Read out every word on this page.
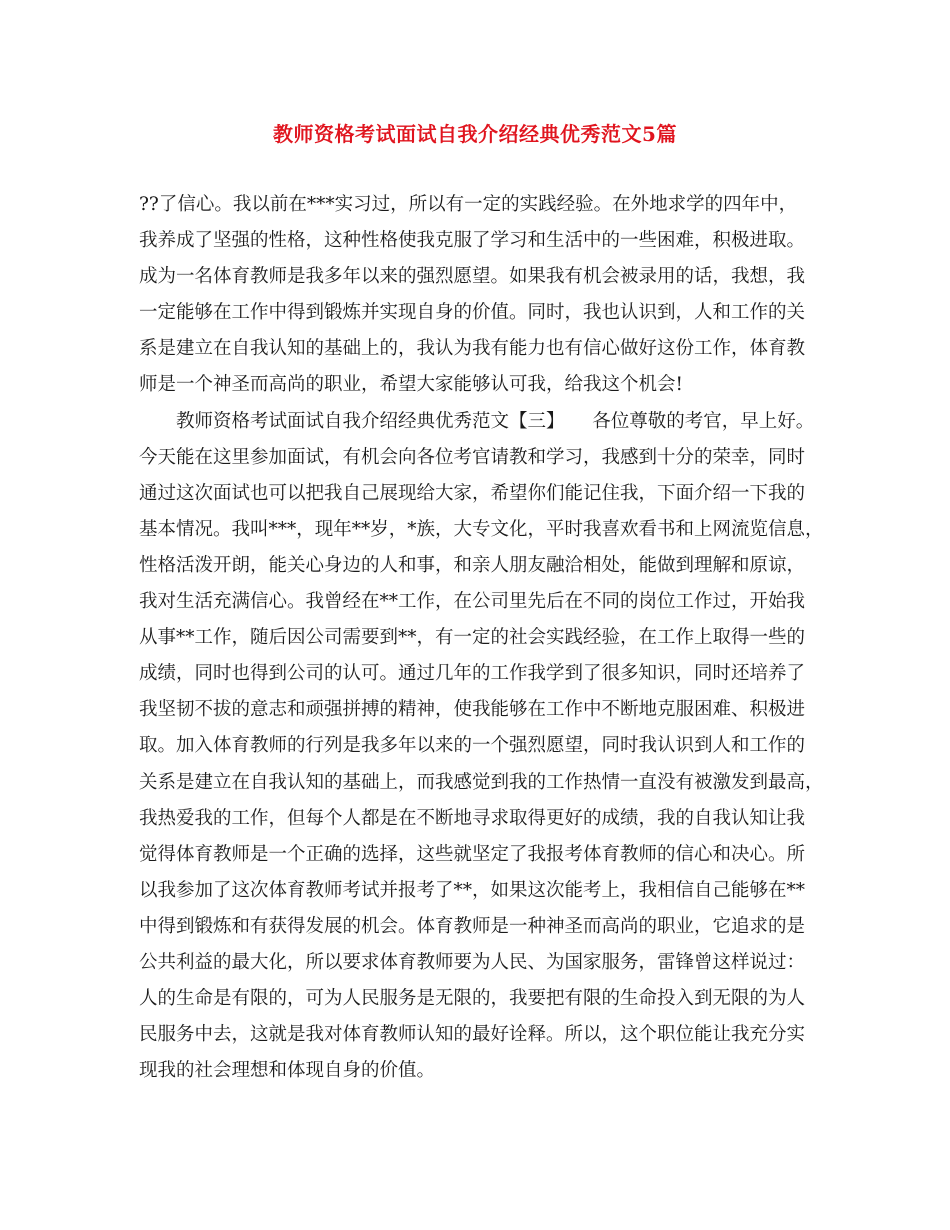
教师资格考试面试自我介绍经典优秀范文5篇

??了信心。我以前在***实习过，所以有一定的实践经验。在外地求学的四年中，
我养成了坚强的性格，这种性格使我克服了学习和生活中的一些困难，积极进取。
成为一名体育教师是我多年以来的强烈愿望。如果我有机会被录用的话，我想，我
一定能够在工作中得到锻炼并实现自身的价值。同时，我也认识到，人和工作的关
系是建立在自我认知的基础上的，我认为我有能力也有信心做好这份工作，体育教
师是一个神圣而高尚的职业，希望大家能够认可我，给我这个机会!

教师资格考试面试自我介绍经典优秀范文【三】　　各位尊敬的考官，早上好。
今天能在这里参加面试，有机会向各位考官请教和学习，我感到十分的荣幸，同时
通过这次面试也可以把我自己展现给大家，希望你们能记住我，下面介绍一下我的
基本情况。我叫***，现年**岁，*族，大专文化，平时我喜欢看书和上网流览信息，
性格活泼开朗，能关心身边的人和事，和亲人朋友融洽相处，能做到理解和原谅，
我对生活充满信心。我曾经在**工作，在公司里先后在不同的岗位工作过，开始我
从事**工作，随后因公司需要到**，有一定的社会实践经验，在工作上取得一些的
成绩，同时也得到公司的认可。通过几年的工作我学到了很多知识，同时还培养了
我坚韧不拔的意志和顽强拼搏的精神，使我能够在工作中不断地克服困难、积极进
取。加入体育教师的行列是我多年以来的一个强烈愿望，同时我认识到人和工作的
关系是建立在自我认知的基础上，而我感觉到我的工作热情一直没有被激发到最高，
我热爱我的工作，但每个人都是在不断地寻求取得更好的成绩，我的自我认知让我
觉得体育教师是一个正确的选择，这些就坚定了我报考体育教师的信心和决心。所
以我参加了这次体育教师考试并报考了**，如果这次能考上，我相信自己能够在**
中得到锻炼和有获得发展的机会。体育教师是一种神圣而高尚的职业，它追求的是
公共利益的最大化，所以要求体育教师要为人民、为国家服务，雷锋曾这样说过：
人的生命是有限的，可为人民服务是无限的，我要把有限的生命投入到无限的为人
民服务中去，这就是我对体育教师认知的最好诠释。所以，这个职位能让我充分实
现我的社会理想和体现自身的价值。
